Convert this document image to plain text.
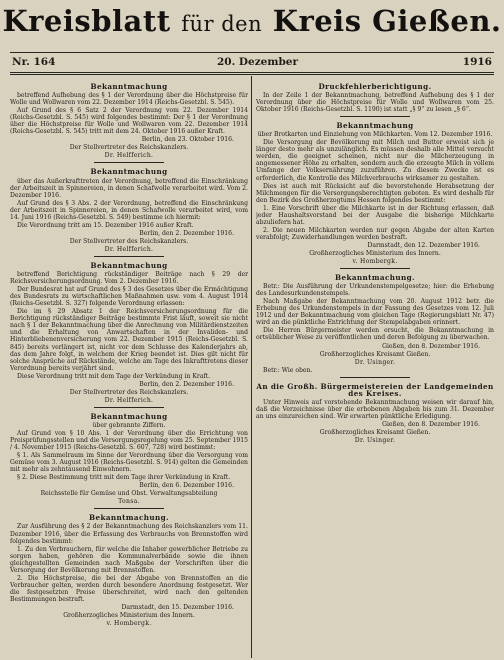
Kreisblatt für den Kreis Gießen.
Nr. 164	20. Dezember	1916

Bekanntmachung

betreffend Aufhebung des § 1 der Verordnung über die Höchstpreise für Wolle und Wollwaren vom 22. Dezember 1914 (Reichs-Gesetzbl. S. 545).

Auf Grund des § 6 Satz 2 der Verordnung vom 22. Dezember 1914 (Reichs-Gesetzbl. S. 545) wird folgendes bestimmt: Der § 1 der Verordnung über die Höchstpreise für Wolle und Wollwaren vom 22. Dezember 1914 (Reichs-Gesetzbl. S. 545) tritt mit dem 24. Oktober 1916 außer Kraft.

Berlin, den 23. Oktober 1916.

Der Stellvertreter des Reichskanzlers.

Dr. Helfferich.

Bekanntmachung

über das Außerkrafttreten der Verordnung, betreffend die Einschränkung der Arbeitszeit in Spinnereien, in denen Schafwolle verarbeitet wird. Vom 2. Dezember 1916.

Auf Grund des § 3 Abs. 2 der Verordnung, betreffend die Einschränkung der Arbeitszeit in Spinnereien, in denen Schafwolle verarbeitet wird, vom 14. Juni 1916 (Reichs-Gesetzbl. S. 549) bestimme ich hiermit:

Die Verordnung tritt am 15. Dezember 1916 außer Kraft.

Berlin, den 2. Dezember 1916.

Der Stellvertreter des Reichskanzlers.

Dr. Helfferich.

Bekanntmachung

betreffend Berichtigung rückständiger Beiträge nach § 29 der Reichsversicherungsordnung. Vom 2. Dezember 1916.

Der Bundesrat hat auf Grund des § 3 des Gesetzes über die Ermächtigung des Bundesrats zu wirtschaftlichen Maßnahmen usw. vom 4. August 1914 (Reichs-Gesetzbl. S. 327) folgende Verordnung erlassen:

Die im § 29 Absatz 1 der Reichsversicherungsordnung für die Berichtigung rückständiger Beiträge bestimmte Frist läuft, soweit sie nicht nach § 1 der Bekanntmachung über die Anrechnung von Militärdienstzeiten und die Erhaltung von Anwartschaften in der Invaliden- und Hinterbliebenenversicherung vom 22. Dezember 1915 (Reichs-Gesetzbl. S. 845) bereits verlängert ist, nicht vor dem Schlusse des Kalenderjahrs ab, das dem Jahre folgt, in welchem der Krieg beendet ist. Dies gilt nicht für solche Ansprüche auf Rückstände, welche am Tage des Inkrafttretens dieser Verordnung bereits verjährt sind.

Diese Verordnung tritt mit dem Tage der Verkündung in Kraft.

Berlin, den 2. Dezember 1916.

Der Stellvertreter des Reichskanzlers.

Dr. Helfferich.

Bekanntmachung

über gebrannte Ziffern.

Auf Grund von § 10 Abs. 1 der Verordnung über die Errichtung von Preisprüfungsstellen und die Versorgungsregelung vom 25. September 1915 / 4. November 1915 (Reichs-Gesetzbl. S. 607, 728) wird bestimmt:

§ 1. Als Sammelraum im Sinne der Verordnung über die Versorgung vom Gemüse vom 3. August 1916 (Reichs-Gesetzbl. S. 914) gelten die Gemeinden mit mehr als zehntausend Einwohnern.

§ 2. Diese Bestimmung tritt mit dem Tage ihrer Verkündung in Kraft.

Berlin, den 6. Dezember 1916.

Reichsstelle für Gemüse und Obst. Verwaltungsabteilung

Tonsa.

Bekanntmachung.

Zur Ausführung des § 2 der Bekanntmachung des Reichskanzlers vom 11. Dezember 1916, über die Erfassung des Verbrauchs von Brennstoffen wird folgendes bestimmt:

1. Zu den Verbrauchern, für welche die Inhaber gewerblicher Betriebe zu sorgen haben, gehören die Kommunalverbände sowie die ihnen gleichgestellten Gemeinden nach Maßgabe der Vorschriften über die Versorgung der Bevölkerung mit Brennstoffen.

2. Die Höchstpreise, die bei der Abgabe von Brennstoffen an die Verbraucher gelten, werden durch besondere Anordnung festgesetzt. Wer die festgesetzten Preise überschreitet, wird nach den geltenden Bestimmungen bestraft.

Darmstadt, den 15. Dezember 1916.

Großherzogliches Ministerium des Innern.

v. Hombergk.

Druckfehlerberichtigung.

In der Zeile 1 der Bekanntmachung, betreffend Aufhebung des § 1 der Verordnung über die Höchstpreise für Wolle und Wollwaren vom 25. Oktober 1916 (Reichs-Gesetzbl. S. 1190) ist statt „§ 9“ zu lesen „§ 6“.

Bekanntmachung

über Brotkarten und Einziehung von Milchkarten. Vom 12. Dezember 1916.

Die Versorgung der Bevölkerung mit Milch und Butter erweist sich je länger desto mehr als unzulänglich. Es müssen deshalb alle Mittel versucht werden, die geeignet scheinen, nicht nur die Milcherzeugung in angemessener Höhe zu erhalten, sondern auch die erzeugte Milch in vollem Umfange der Volksernährung zuzuführen. Zu diesem Zwecke ist es erforderlich, die Kontrolle des Milchverbrauchs wirksamer zu gestalten.

Dies ist auch mit Rücksicht auf die bevorstehende Herabsetzung der Milchmengen für die Versorgungsberechtigten geboten. Es wird deshalb für den Bezirk des Großherzogtums Hessen folgendes bestimmt:

1. Eine Vorschrift über die Milchkarte ist in der Richtung erlassen, daß jeder Haushaltsvorstand bei der Ausgabe die bisherige Milchkarte abzuliefern hat.

2. Die neuen Milchkarten werden nur gegen Abgabe der alten Karten verabfolgt; Zuwiderhandlungen werden bestraft.

Darmstadt, den 12. Dezember 1916.

Großherzogliches Ministerium des Innern.

v. Hombergk.

Bekanntmachung.

Betr.: Die Ausführung der Urkundenstempelgesetze; hier: die Erhebung des Landesurkundenstempels.

Nach Maßgabe der Bekanntmachung vom 20. August 1912 betr. die Erhebung des Urkundenstempels in der Fassung des Gesetzes vom 12. Juli 1912 und der Bekanntmachung vom gleichen Tage (Regierungsblatt Nr. 47) wird an die pünktliche Entrichtung der Stempelabgaben erinnert.

Die Herren Bürgermeister werden ersucht, die Bekanntmachung in ortsüblicher Weise zu veröffentlichen und deren Befolgung zu überwachen.

Gießen, den 8. Dezember 1916.

Großherzogliches Kreisamt Gießen.

Dr. Usinger.

Betr.: Wie oben.

An die Großh. Bürgermeistereien der Landgemeinden des Kreises.

Unter Hinweis auf vorstehende Bekanntmachung weisen wir darauf hin, daß die Verzeichnisse über die erhobenen Abgaben bis zum 31. Dezember an uns einzureichen sind. Wir erwarten pünktliche Erledigung.

Gießen, den 8. Dezember 1916.

Großherzogliches Kreisamt Gießen.

Dr. Usinger.
